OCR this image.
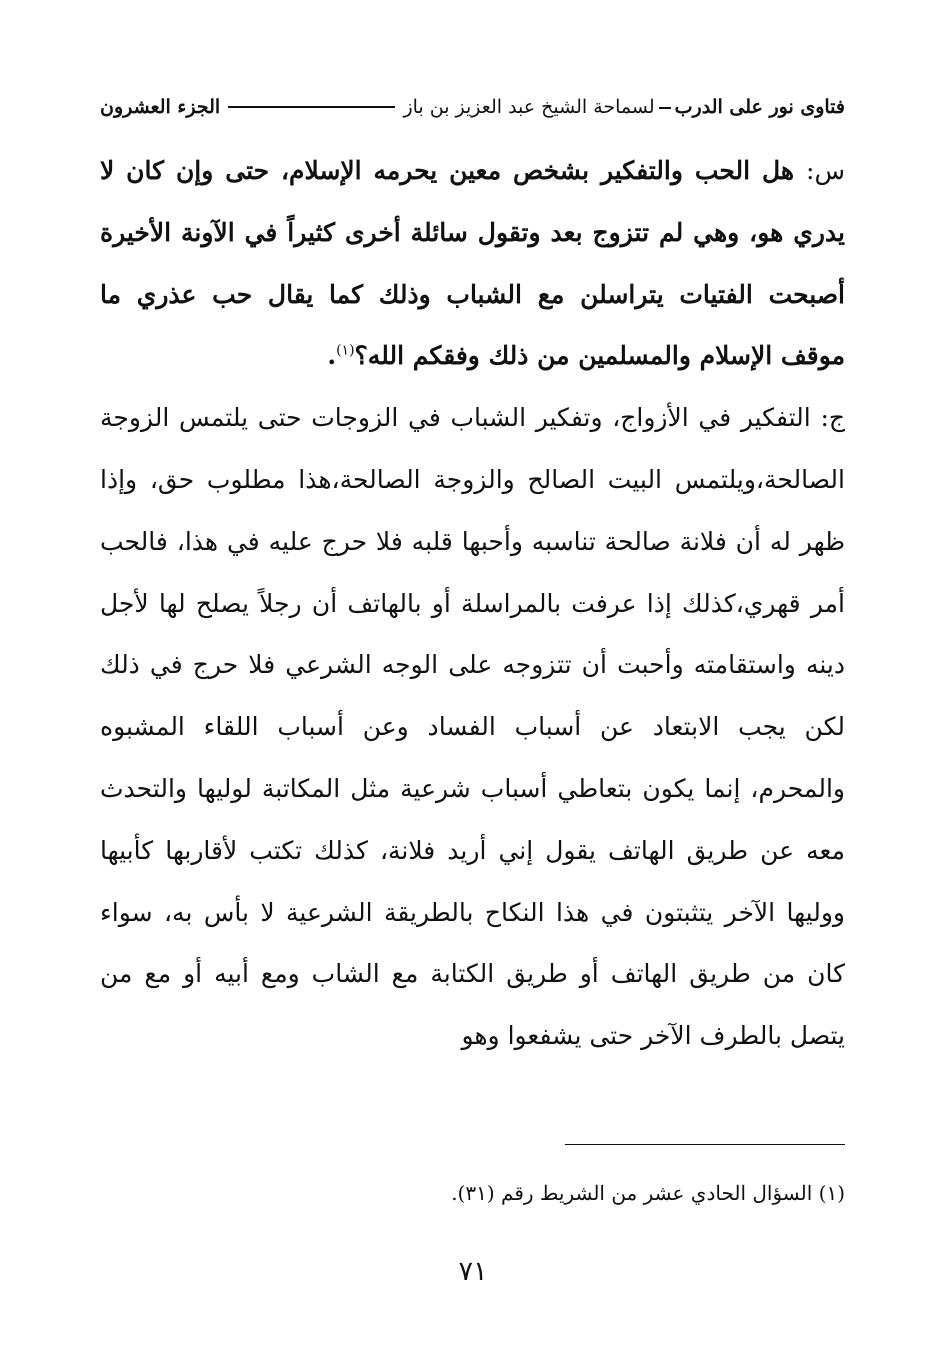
فتاوى نور على الدربلسماحة الشيخ عبد العزيز بن باز
الجزء العشرون

س: هل الحب والتفكير بشخص معين يحرمه الإسلام، حتى وإن كان لا يدري هو، وهي لم تتزوج بعد وتقول سائلة أخرى كثيراً في الآونة الأخيرة أصبحت الفتيات يتراسلن مع الشباب وذلك كما يقال حب عذري ما موقف الإسلام والمسلمين من ذلك وفقكم الله؟$^{(١)}$.

ج: التفكير في الأزواج، وتفكير الشباب في الزوجات حتى يلتمس الزوجة الصالحة،ويلتمس البيت الصالح والزوجة الصالحة،هذا مطلوب حق، وإذا ظهر له أن فلانة صالحة تناسبه وأحبها قلبه فلا حرج عليه في هذا، فالحب أمر قهري،كذلك إذا عرفت بالمراسلة أو بالهاتف أن رجلاً يصلح لها لأجل دينه واستقامته وأحبت أن تتزوجه على الوجه الشرعي فلا حرج في ذلك لكن يجب الابتعاد عن أسباب الفساد وعن أسباب اللقاء المشبوه والمحرم، إنما يكون بتعاطي أسباب شرعية مثل المكاتبة لوليها والتحدث معه عن طريق الهاتف يقول إني أريد فلانة، كذلك تكتب لأقاربها كأبيها ووليها الآخر يتثبتون في هذا النكاح بالطريقة الشرعية لا بأس به، سواء كان من طريق الهاتف أو طريق الكتابة مع الشاب ومع أبيه أو مع من يتصل بالطرف الآخر حتى يشفعوا وهو

(١) السؤال الحادي عشر من الشريط رقم (٣١).
٧١
